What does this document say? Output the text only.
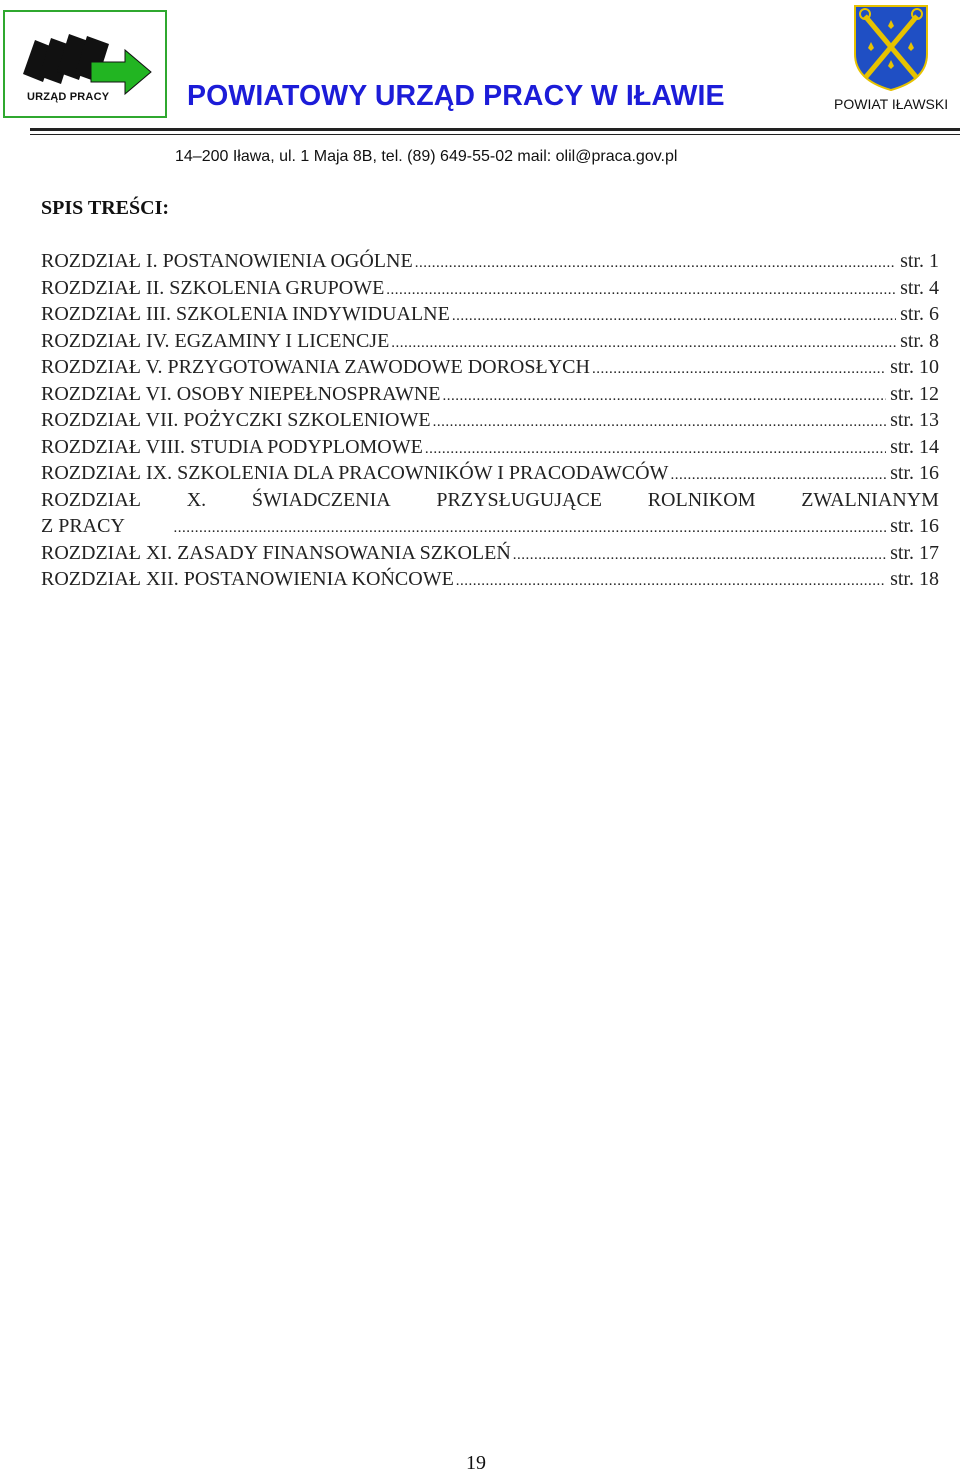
URZĄD PRACY	POWIATOWY URZĄD PRACY W IŁAWIE	POWIAT IŁAWSKI
14–200 Iława, ul. 1 Maja 8B, tel. (89) 649-55-02 mail: olil@praca.gov.pl
SPIS TREŚCI:
ROZDZIAŁ I. POSTANOWIENIA OGÓLNE .....	str. 1
ROZDZIAŁ II. SZKOLENIA GRUPOWE .....	str. 4
ROZDZIAŁ III. SZKOLENIA INDYWIDUALNE .....	str. 6
ROZDZIAŁ IV. EGZAMINY I LICENCJE .....	str. 8
ROZDZIAŁ V. PRZYGOTOWANIA ZAWODOWE DOROSŁYCH .....	str. 10
ROZDZIAŁ VI. OSOBY NIEPEŁNOSPRAWNE .....	str. 12
ROZDZIAŁ VII. POŻYCZKI SZKOLENIOWE .....	str. 13
ROZDZIAŁ VIII. STUDIA PODYPLOMOWE .....	str. 14
ROZDZIAŁ IX. SZKOLENIA DLA PRACOWNIKÓW I PRACODAWCÓW .....	str. 16
ROZDZIAŁ X. ŚWIADCZENIA PRZYSŁUGUJĄCE ROLNIKOM ZWALNIANYM
Z PRACY .....	str. 16
ROZDZIAŁ XI. ZASADY FINANSOWANIA SZKOLEŃ .....	str. 17
ROZDZIAŁ XII. POSTANOWIENIA KOŃCOWE .....	str. 18
19
